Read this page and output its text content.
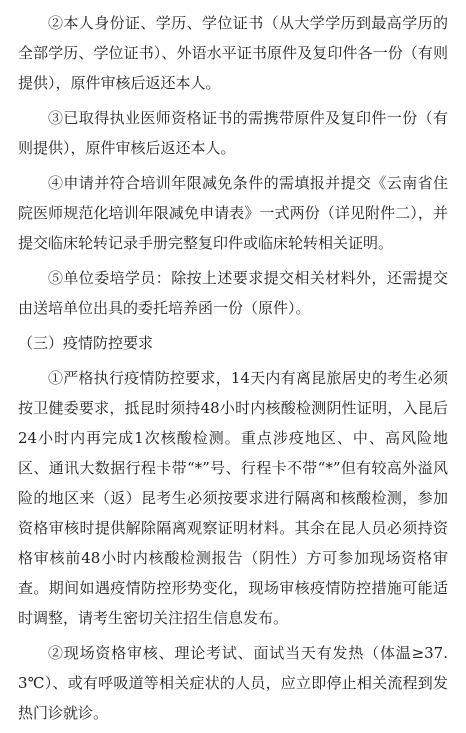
②本人身份证、学历、学位证书（从大学学历到最高学历的全部学历、学位证书）、外语水平证书原件及复印件各一份（有则提供），原件审核后返还本人。

③已取得执业医师资格证书的需携带原件及复印件一份（有则提供），原件审核后返还本人。

④申请并符合培训年限减免条件的需填报并提交《云南省住院医师规范化培训年限减免申请表》一式两份（详见附件二），并提交临床轮转记录手册完整复印件或临床轮转相关证明。

⑤单位委培学员：除按上述要求提交相关材料外，还需提交由送培单位出具的委托培养函一份（原件）。

（三）疫情防控要求

①严格执行疫情防控要求，14天内有离昆旅居史的考生必须按卫健委要求，抵昆时须持48小时内核酸检测阴性证明，入昆后24小时内再完成1次核酸检测。重点涉疫地区、中、高风险地区、通讯大数据行程卡带“*”号、行程卡不带“*”但有较高外溢风险的地区来（返）昆考生必须按要求进行隔离和核酸检测，参加资格审核时提供解除隔离观察证明材料。其余在昆人员必须持资格审核前48小时内核酸检测报告（阴性）方可参加现场资格审查。期间如遇疫情防控形势变化，现场审核疫情防控措施可能适时调整，请考生密切关注招生信息发布。

②现场资格审核、理论考试、面试当天有发热（体温≥37.3℃）、或有呼吸道等相关症状的人员，应立即停止相关流程到发热门诊就诊。
